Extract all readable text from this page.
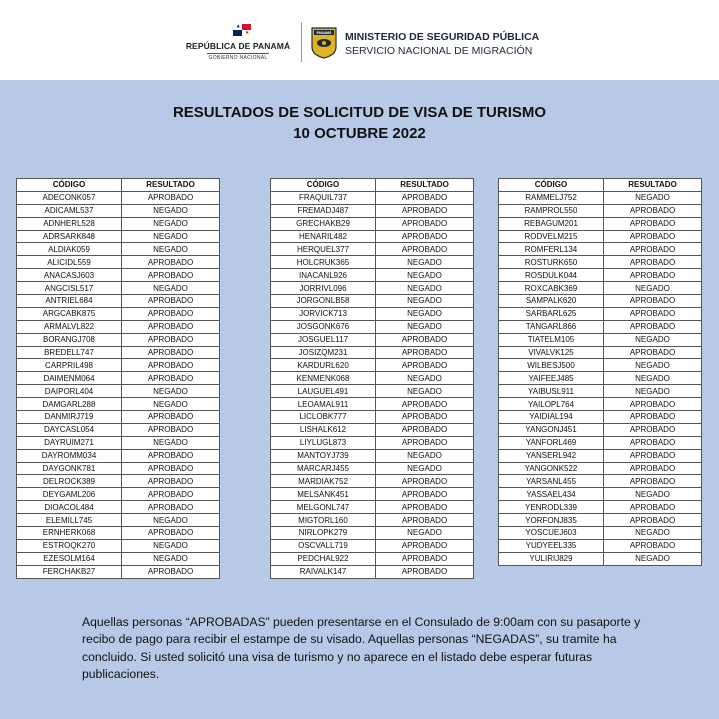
★
★
REPÚBLICA DE PANAMÁ
GOBIERNO NACIONAL
PANAMÁ MINISTERIO DE SEGURIDAD PÚBLICA
SERVICIO NACIONAL DE MIGRACIÓN
RESULTADOS DE SOLICITUD DE VISA DE TURISMO
10 OCTUBRE 2022
CÓDIGO	RESULTADO
ADECONK057	APROBADO
ADICAML537	NEGADO
ADNHERL528	NEGADO
ADRSARK848	NEGADO
ALDIAK059	NEGADO
ALICIDL559	APROBADO
ANACASJ603	APROBADO
ANGCISL517	NEGADO
ANTRIEL684	APROBADO
ARGCABK875	APROBADO
ARMALVL822	APROBADO
BORANGJ708	APROBADO
BREDELL747	APROBADO
CARPRIL498	APROBADO
DAIMENM064	APROBADO
DAIPORL404	NEGADO
DAMGARL288	NEGADO
DANMIRJ719	APROBADO
DAYCASL054	APROBADO
DAYRUIM271	NEGADO
DAYROMM034	APROBADO
DAYGONK781	APROBADO
DELROCK389	APROBADO
DEYGAML206	APROBADO
DIOACOL484	APROBADO
ELEMILL745	NEGADO
ERNHERK068	APROBADO
ESTROQK270	NEGADO
EZESOLM164	NEGADO
FERCHAKB27	APROBADO
CÓDIGO	RESULTADO
FRAQUIL737	APROBADO
FREMADJ487	APROBADO
GRECHAKB29	APROBADO
HENARIL482	APROBADO
HERQUEL377	APROBADO
HOLCRUK365	NEGADO
INACANL926	NEGADO
JORRIVL096	NEGADO
JORGONLB58	NEGADO
JORVICK713	NEGADO
JOSGONK676	NEGADO
JOSGUEL117	APROBADO
JOSIZQM231	APROBADO
KARDURL620	APROBADO
KENMENK068	NEGADO
LAUGUEL491	NEGADO
LEOAMAL911	APROBADO
LICLOBK777	APROBADO
LISHALK612	APROBADO
LIYLUGL873	APROBADO
MANTOYJ739	NEGADO
MARCARJ455	NEGADO
MARDIAK752	APROBADO
MELSANK451	APROBADO
MELGONL747	APROBADO
MIGTORL160	APROBADO
NIRLOPK279	NEGADO
OSCVALL719	APROBADO
PEDCHAL922	APROBADO
RAIVALK147	APROBADO
CÓDIGO	RESULTADO
RAMMELJ752	NEGADO
RAMPROL550	APROBADO
REBAGUM201	APROBADO
RODVELM215	APROBADO
ROMFERL134	APROBADO
ROSTURK650	APROBADO
ROSDULK044	APROBADO
ROXCABK369	NEGADO
SAMPALK620	APROBADO
SARBARL625	APROBADO
TANGARL866	APROBADO
TIATELM105	NEGADO
VIVALVK125	APROBADO
WILBESJ500	NEGADO
YAIFEEJ485	NEGADO
YAIBUSL911	NEGADO
YAILOPL764	APROBADO
YAIDIAL194	APROBADO
YANGONJ451	APROBADO
YANFORL469	APROBADO
YANSERL942	APROBADO
YANGONK522	APROBADO
YARSANL455	APROBADO
YASSAEL434	NEGADO
YENRODL339	APROBADO
YORFONJ835	APROBADO
YOSCUEJ603	NEGADO
YUDYEEL335	APROBADO
YULIRIJ829	NEGADO
Aquellas personas “APROBADAS” pueden presentarse en el Consulado de 9:00am con su pasaporte y recibo de pago para recibir el estampe de su visado. Aquellas personas “NEGADAS”, su tramite ha concluido. Si usted solicitó una visa de turismo y no aparece en el listado debe esperar futuras publicaciones.
